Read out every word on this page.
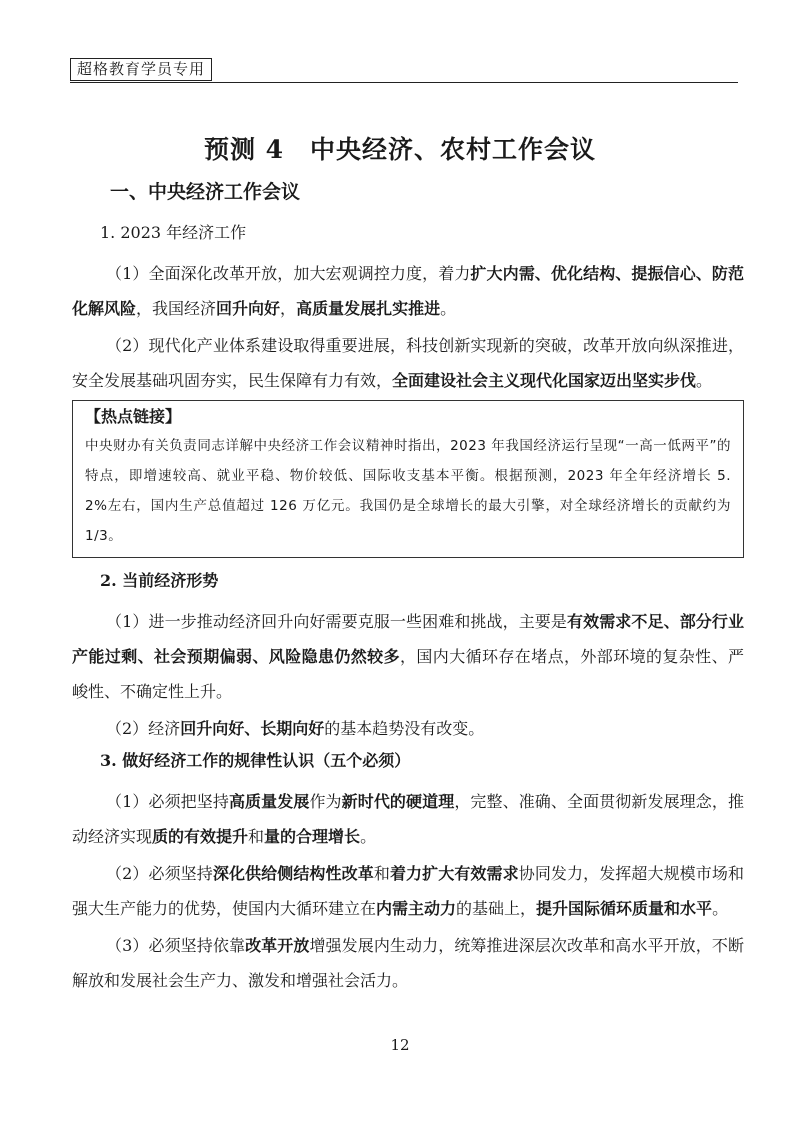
超格教育学员专用
预测 4　中央经济、农村工作会议
一、中央经济工作会议
1. 2023 年经济工作

（1）全面深化改革开放，加大宏观调控力度，着力扩大内需、优化结构、提振信心、防范化解风险，我国经济回升向好，高质量发展扎实推进。

（2）现代化产业体系建设取得重要进展，科技创新实现新的突破，改革开放向纵深推进，安全发展基础巩固夯实，民生保障有力有效，全面建设社会主义现代化国家迈出坚实步伐。

【热点链接】

中央财办有关负责同志详解中央经济工作会议精神时指出，2023 年我国经济运行呈现“一高一低两平”的特点，即增速较高、就业平稳、物价较低、国际收支基本平衡。根据预测，2023 年全年经济增长 5. 2%左右，国内生产总值超过 126 万亿元。我国仍是全球增长的最大引擎，对全球经济增长的贡献约为 1/3。

2. 当前经济形势

（1）进一步推动经济回升向好需要克服一些困难和挑战，主要是有效需求不足、部分行业产能过剩、社会预期偏弱、风险隐患仍然较多，国内大循环存在堵点，外部环境的复杂性、严峻性、不确定性上升。

（2）经济回升向好、长期向好的基本趋势没有改变。

3. 做好经济工作的规律性认识（五个必须）

（1）必须把坚持高质量发展作为新时代的硬道理，完整、准确、全面贯彻新发展理念，推动经济实现质的有效提升和量的合理增长。

（2）必须坚持深化供给侧结构性改革和着力扩大有效需求协同发力，发挥超大规模市场和强大生产能力的优势，使国内大循环建立在内需主动力的基础上，提升国际循环质量和水平。

（3）必须坚持依靠改革开放增强发展内生动力，统筹推进深层次改革和高水平开放，不断解放和发展社会生产力、激发和增强社会活力。

12
